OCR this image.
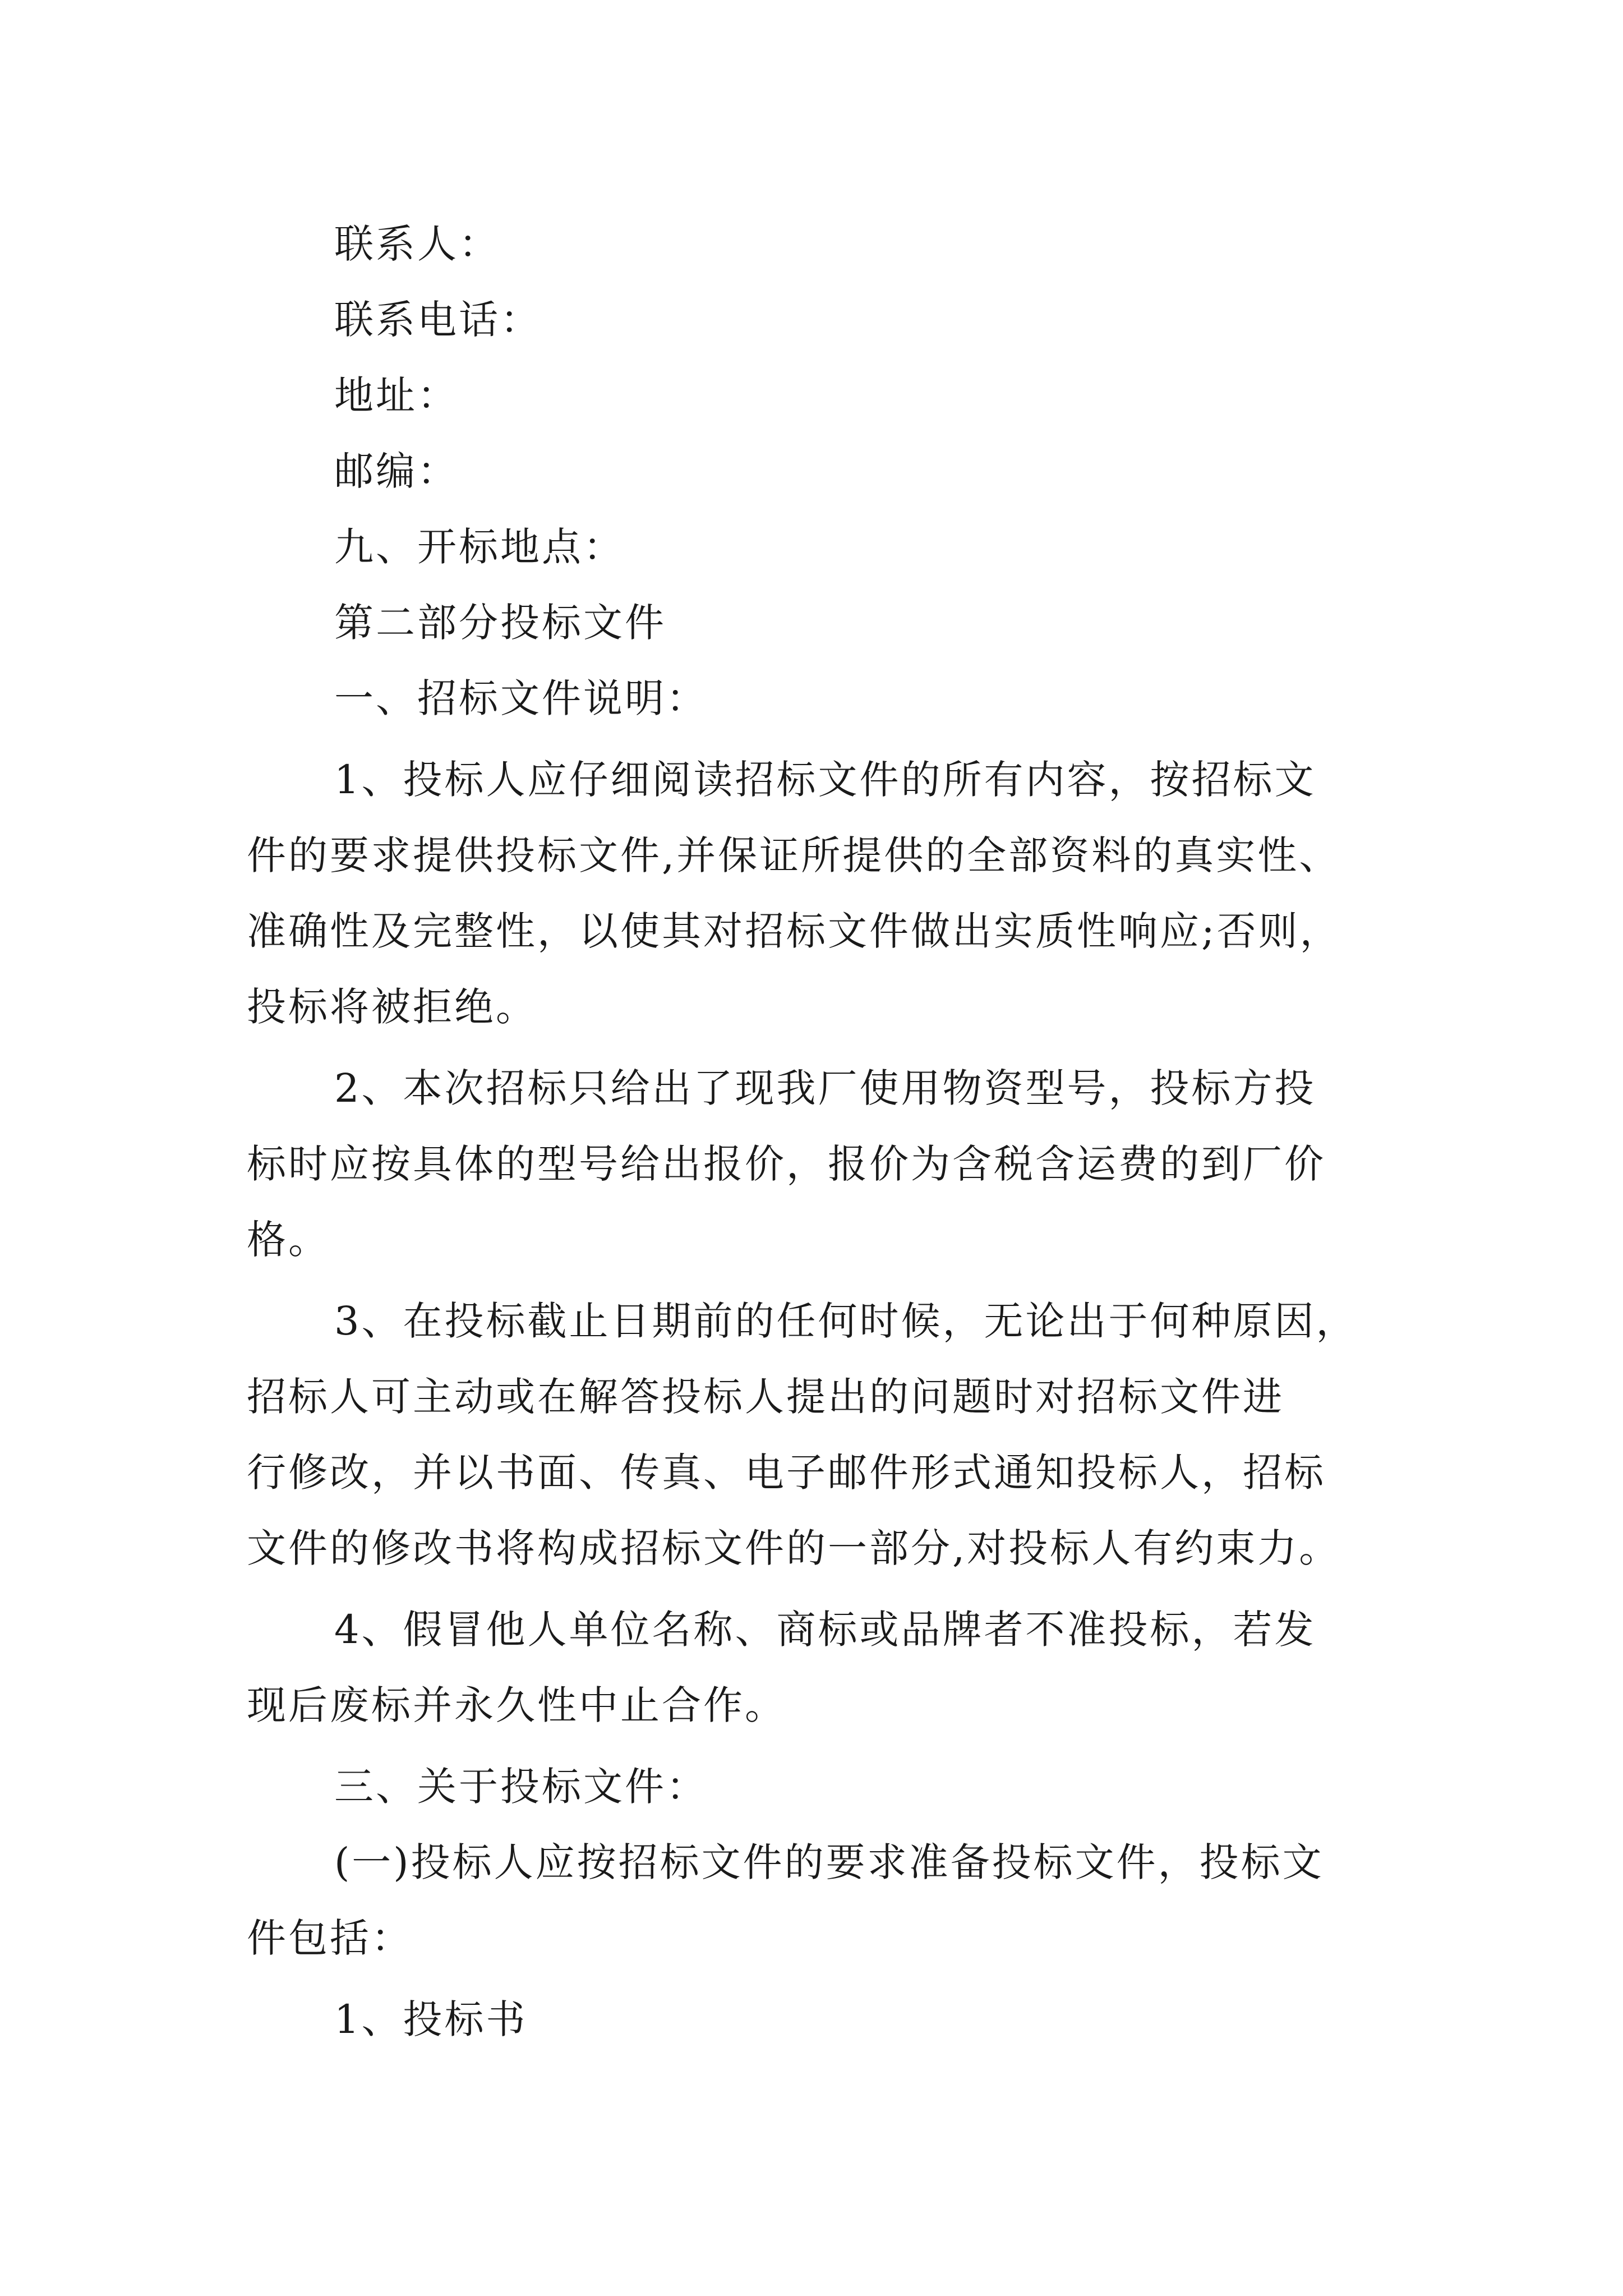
联系人：

联系电话：

地址：

邮编：

九、开标地点：

第二部分投标文件

一、招标文件说明：

1、投标人应仔细阅读招标文件的所有内容，按招标文

件的要求提供投标文件,并保证所提供的全部资料的真实性、

准确性及完整性，以使其对招标文件做出实质性响应;否则，

投标将被拒绝。

2、本次招标只给出了现我厂使用物资型号，投标方投

标时应按具体的型号给出报价，报价为含税含运费的到厂价

格。

3、在投标截止日期前的任何时候，无论出于何种原因，

招标人可主动或在解答投标人提出的问题时对招标文件进

行修改，并以书面、传真、电子邮件形式通知投标人，招标

文件的修改书将构成招标文件的一部分,对投标人有约束力。

4、假冒他人单位名称、商标或品牌者不准投标，若发

现后废标并永久性中止合作。

三、关于投标文件：

(一)投标人应按招标文件的要求准备投标文件，投标文

件包括：

1、投标书
